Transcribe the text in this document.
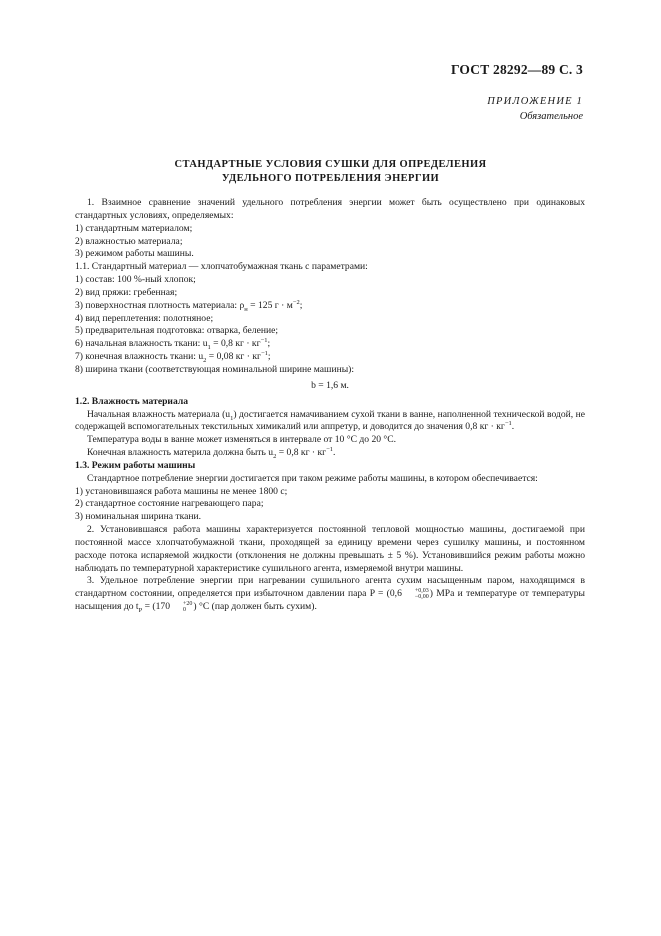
ГОСТ 28292—89 С. 3
ПРИЛОЖЕНИЕ 1
Обязательное
СТАНДАРТНЫЕ УСЛОВИЯ СУШКИ ДЛЯ ОПРЕДЕЛЕНИЯ
УДЕЛЬНОГО ПОТРЕБЛЕНИЯ ЭНЕРГИИ

1. Взаимное сравнение значений удельного потребления энергии может быть осуществлено при одинаковых стандартных условиях, определяемых:

1) стандартным материалом;

2) влажностью материала;

3) режимом работы машины.

1.1. Стандартный материал — хлопчатобумажная ткань с параметрами:

1) состав: 100 %-ный хлопок;

2) вид пряжи: гребенная;

3) поверхностная плотность материала: $\rho_н = 125$ $г \cdot м^{-2}$;

4) вид переплетения: полотняное;

5) предварительная подготовка: отварка, беление;

6) начальная влажность ткани: $u_1 = 0,8$ кг · $кг^{-1}$;

7) конечная влажность ткани: $u_2 = 0,08$ кг · $кг^{-1}$;

8) ширина ткани (соответствующая номинальной ширине машины):

b = 1,6 м.

1.2. Влажность материала

Начальная влажность материала $(u_1)$ достигается намачиванием сухой ткани в ванне, наполненной технической водой, не содержащей вспомогательных текстильных химикалий или аппретур, и доводится до значения 0,8 кг · $кг^{-1}$.

Температура воды в ванне может изменяться в интервале от 10 °С до 20 °С.

Конечная влажность материла должна быть $u_2 = 0,8$ кг · $кг^{-1}$.

1.3. Режим работы машины

Стандартное потребление энергии достигается при таком режиме работы машины, в котором обеспечивается:

1) установившаяся работа машины не менее 1800 с;

2) стандартное состояние нагревающего пара;

3) номинальная ширина ткани.

2. Установившаяся работа машины характеризуется постоянной тепловой мощностью машины, достигаемой при постоянной массе хлопчатобумажной ткани, проходящей за единицу времени через сушилку машины, и постоянном расходе потока испаряемой жидкости (отклонения не должны превышать ± 5 %). Установившийся режим работы можно наблюдать по температурной характеристике сушильного агента, измеряемой внутри машины.

3. Удельное потребление энергии при нагревании сушильного агента сухим насыщенным паром, находящимся в стандартном состоянии, определяется при избыточном давлении пара P = (0,6	+0,03
−0,00 ) MPa и температуре от температуры насыщения до $t_P = (170$	+20
0 ) °С (пар должен быть сухим).
